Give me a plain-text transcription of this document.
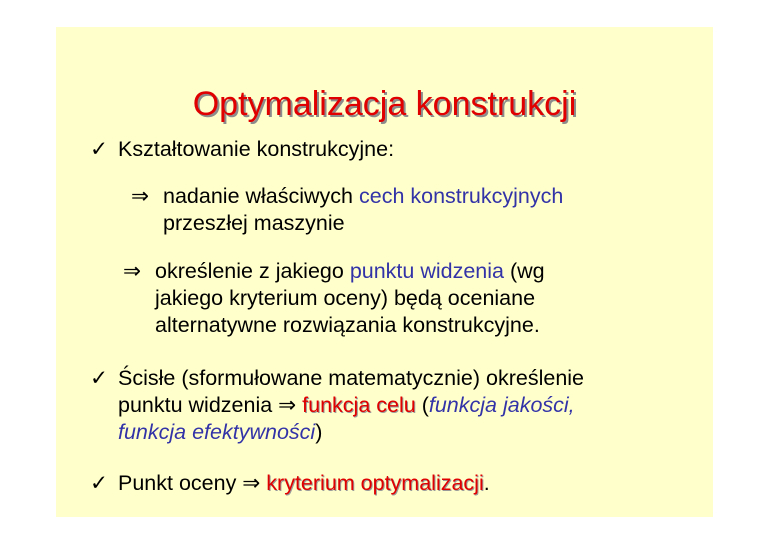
Optymalizacja konstrukcji
✓ Kształtowanie konstrukcyjne:
⇒ nadanie właściwych cech konstrukcyjnych
przeszłej maszynie
⇒ określenie z jakiego punktu widzenia (wg
jakiego kryterium oceny) będą oceniane
alternatywne rozwiązania konstrukcyjne.
✓ Ścisłe (sformułowane matematycznie) określenie
punktu widzenia ⇒ funkcja celu (funkcja jakości,
funkcja efektywności)
✓ Punkt oceny ⇒ kryterium optymalizacji.
